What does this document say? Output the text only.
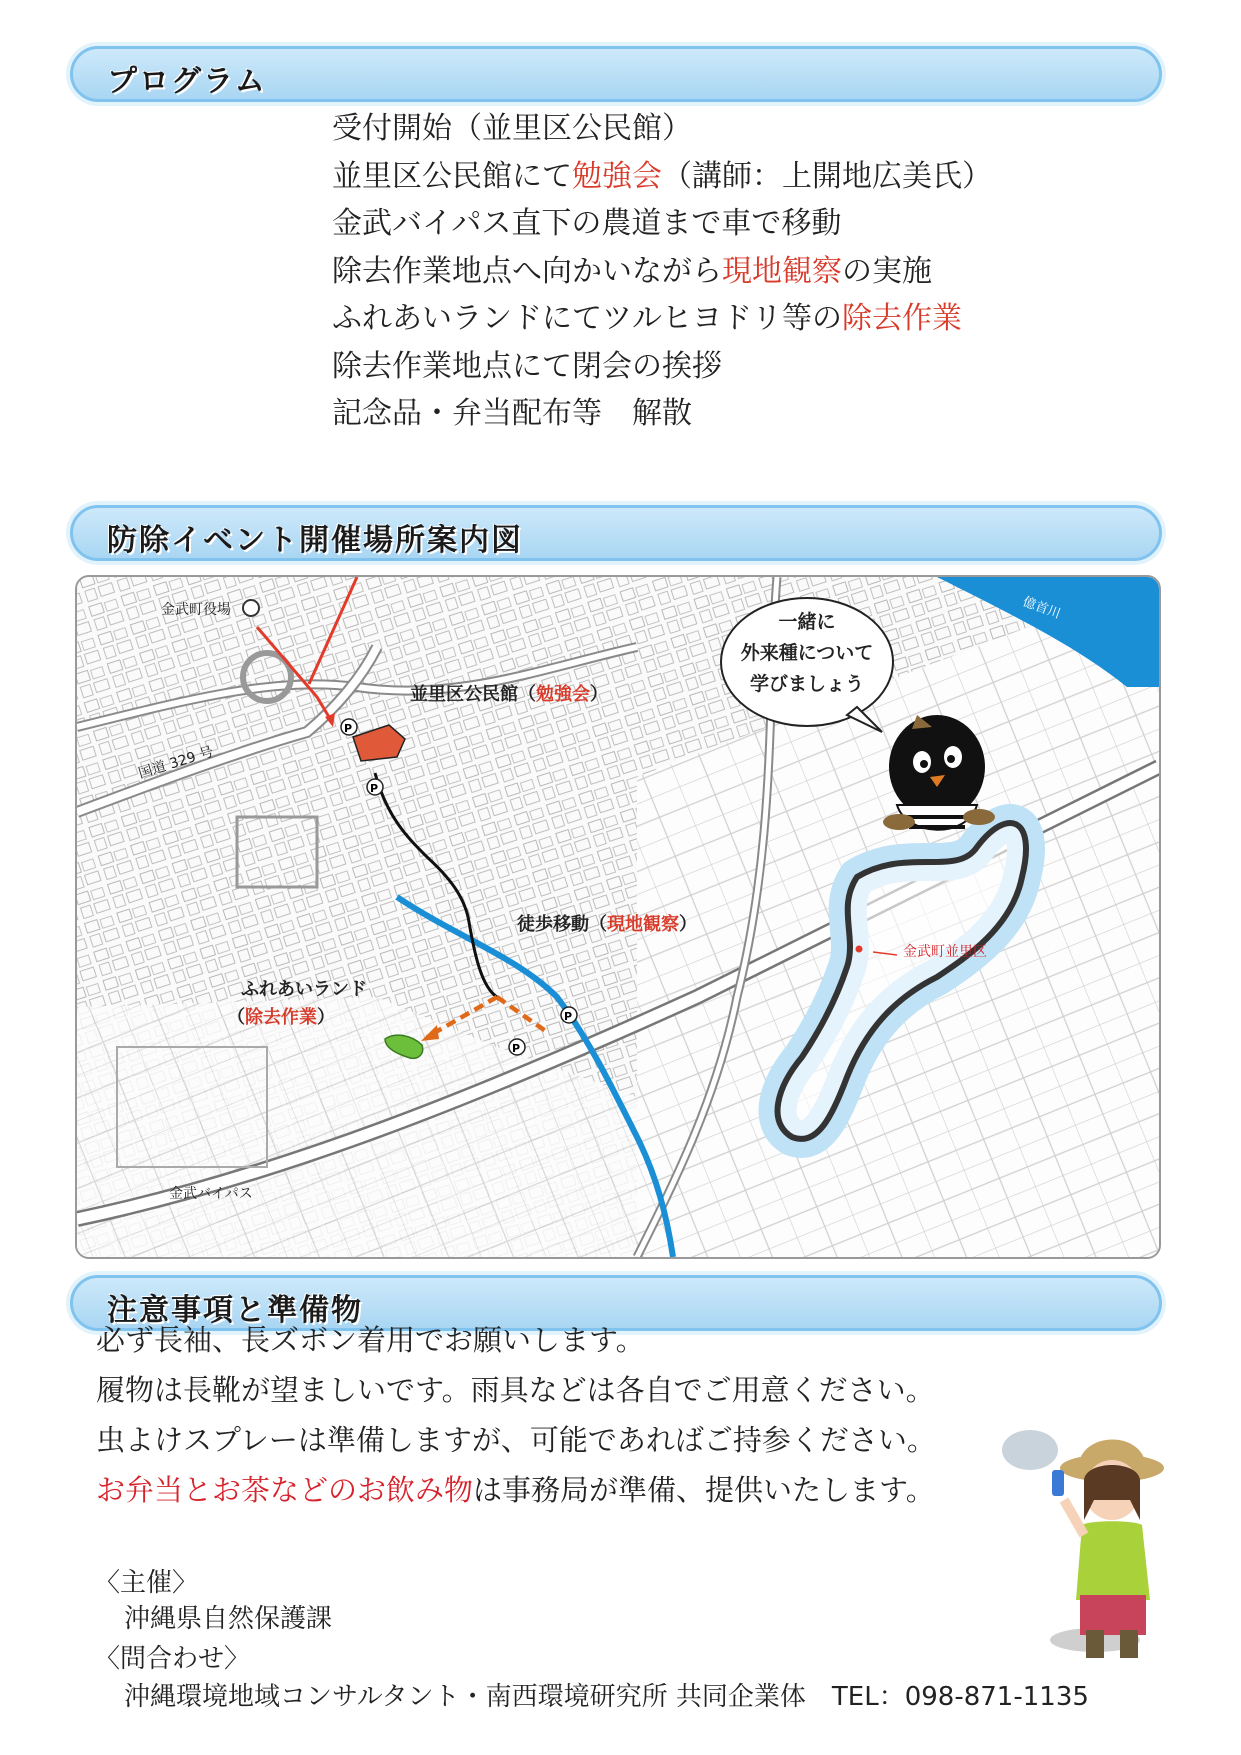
プログラム
受付開始（並里区公民館）
並里区公民館にて勉強会（講師：上開地広美氏）
金武バイパス直下の農道まで車で移動
除去作業地点へ向かいながら現地観察の実施
ふれあいランドにてツルヒヨドリ等の除去作業
除去作業地点にて閉会の挨拶
記念品・弁当配布等　解散
防除イベント開催場所案内図
億首川
P
P
P
P
金武町役場
国道 329 号
金武バイパス
並里区公民館（勉強会）
徒歩移動（現地観察）
ふれあいランド
（除去作業）
金武町並里区
一緒に
外来種について
学びましょう
注意事項と準備物
必ず長袖、長ズボン着用でお願いします。
履物は長靴が望ましいです。雨具などは各自でご用意ください。
虫よけスプレーは準備しますが、可能であればご持参ください。
お弁当とお茶などのお飲み物は事務局が準備、提供いたします。
〈主催〉
沖縄県自然保護課
〈問合わせ〉
沖縄環境地域コンサルタント・南西環境研究所 共同企業体　TEL：098-871-1135
